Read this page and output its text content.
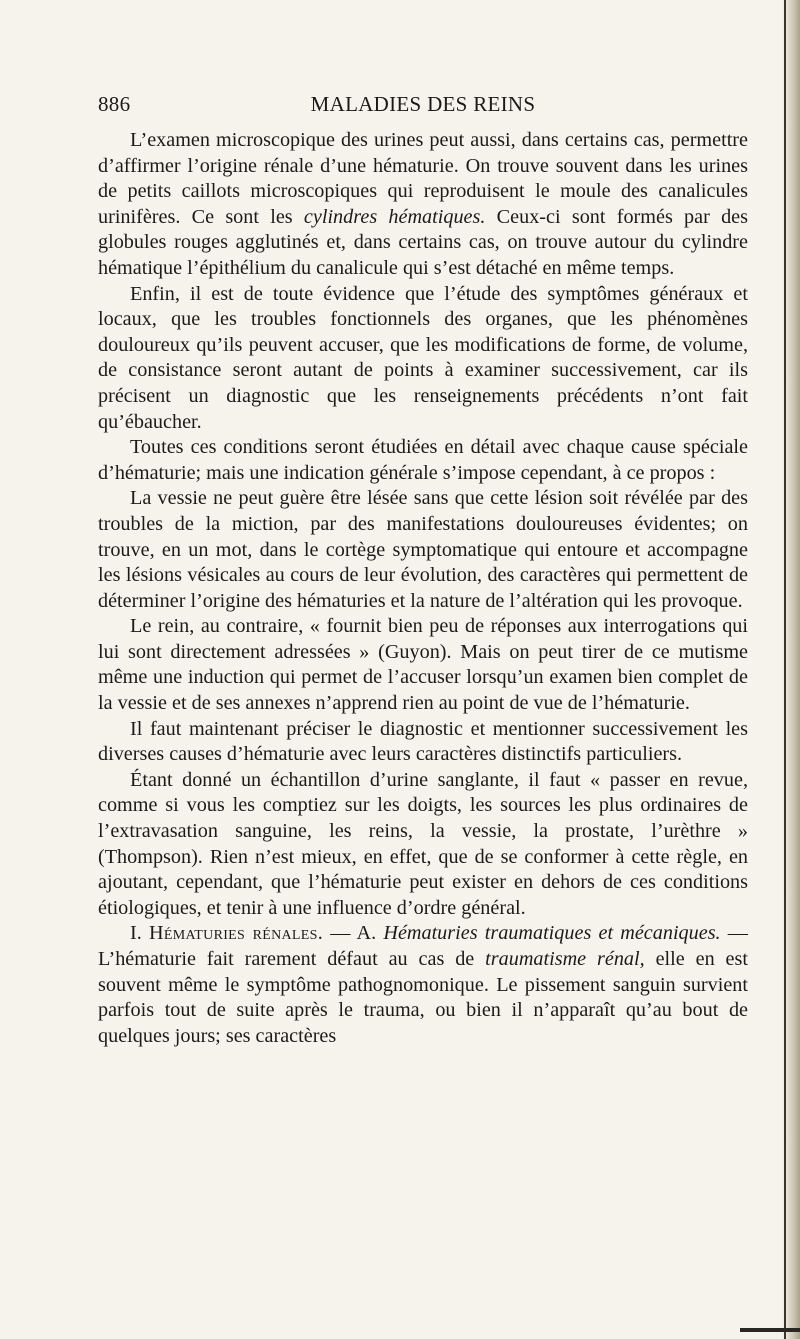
886	MALADIES DES REINS

L’examen microscopique des urines peut aussi, dans certains cas, permettre d’affirmer l’origine rénale d’une hématurie. On trouve souvent dans les urines de petits caillots microscopiques qui reproduisent le moule des canalicules urinifères. Ce sont les cylindres hématiques. Ceux-ci sont formés par des globules rouges agglutinés et, dans certains cas, on trouve autour du cylindre hématique l’épithélium du canalicule qui s’est détaché en même temps.

Enfin, il est de toute évidence que l’étude des symptômes généraux et locaux, que les troubles fonctionnels des organes, que les phénomènes douloureux qu’ils peuvent accuser, que les modifications de forme, de volume, de consistance seront autant de points à examiner successivement, car ils précisent un diagnostic que les renseignements précédents n’ont fait qu’ébaucher.

Toutes ces conditions seront étudiées en détail avec chaque cause spéciale d’hématurie; mais une indication générale s’impose cependant, à ce propos :

La vessie ne peut guère être lésée sans que cette lésion soit révélée par des troubles de la miction, par des manifestations douloureuses évidentes; on trouve, en un mot, dans le cortège symptomatique qui entoure et accompagne les lésions vésicales au cours de leur évolution, des caractères qui permettent de déterminer l’origine des hématuries et la nature de l’altération qui les provoque.

Le rein, au contraire, « fournit bien peu de réponses aux interrogations qui lui sont directement adressées » (Guyon). Mais on peut tirer de ce mutisme même une induction qui permet de l’accuser lorsqu’un examen bien complet de la vessie et de ses annexes n’apprend rien au point de vue de l’hématurie.

Il faut maintenant préciser le diagnostic et mentionner successivement les diverses causes d’hématurie avec leurs caractères distinctifs particuliers.

Étant donné un échantillon d’urine sanglante, il faut « passer en revue, comme si vous les comptiez sur les doigts, les sources les plus ordinaires de l’extravasation sanguine, les reins, la vessie, la prostate, l’urèthre » (Thompson). Rien n’est mieux, en effet, que de se conformer à cette règle, en ajoutant, cependant, que l’hématurie peut exister en dehors de ces conditions étiologiques, et tenir à une influence d’ordre général.

I. Hématuries rénales. — A. Hématuries traumatiques et mécaniques. — L’hématurie fait rarement défaut au cas de traumatisme rénal, elle en est souvent même le symptôme pathognomonique. Le pissement sanguin survient parfois tout de suite après le trauma, ou bien il n’apparaît qu’au bout de quelques jours; ses caractères
